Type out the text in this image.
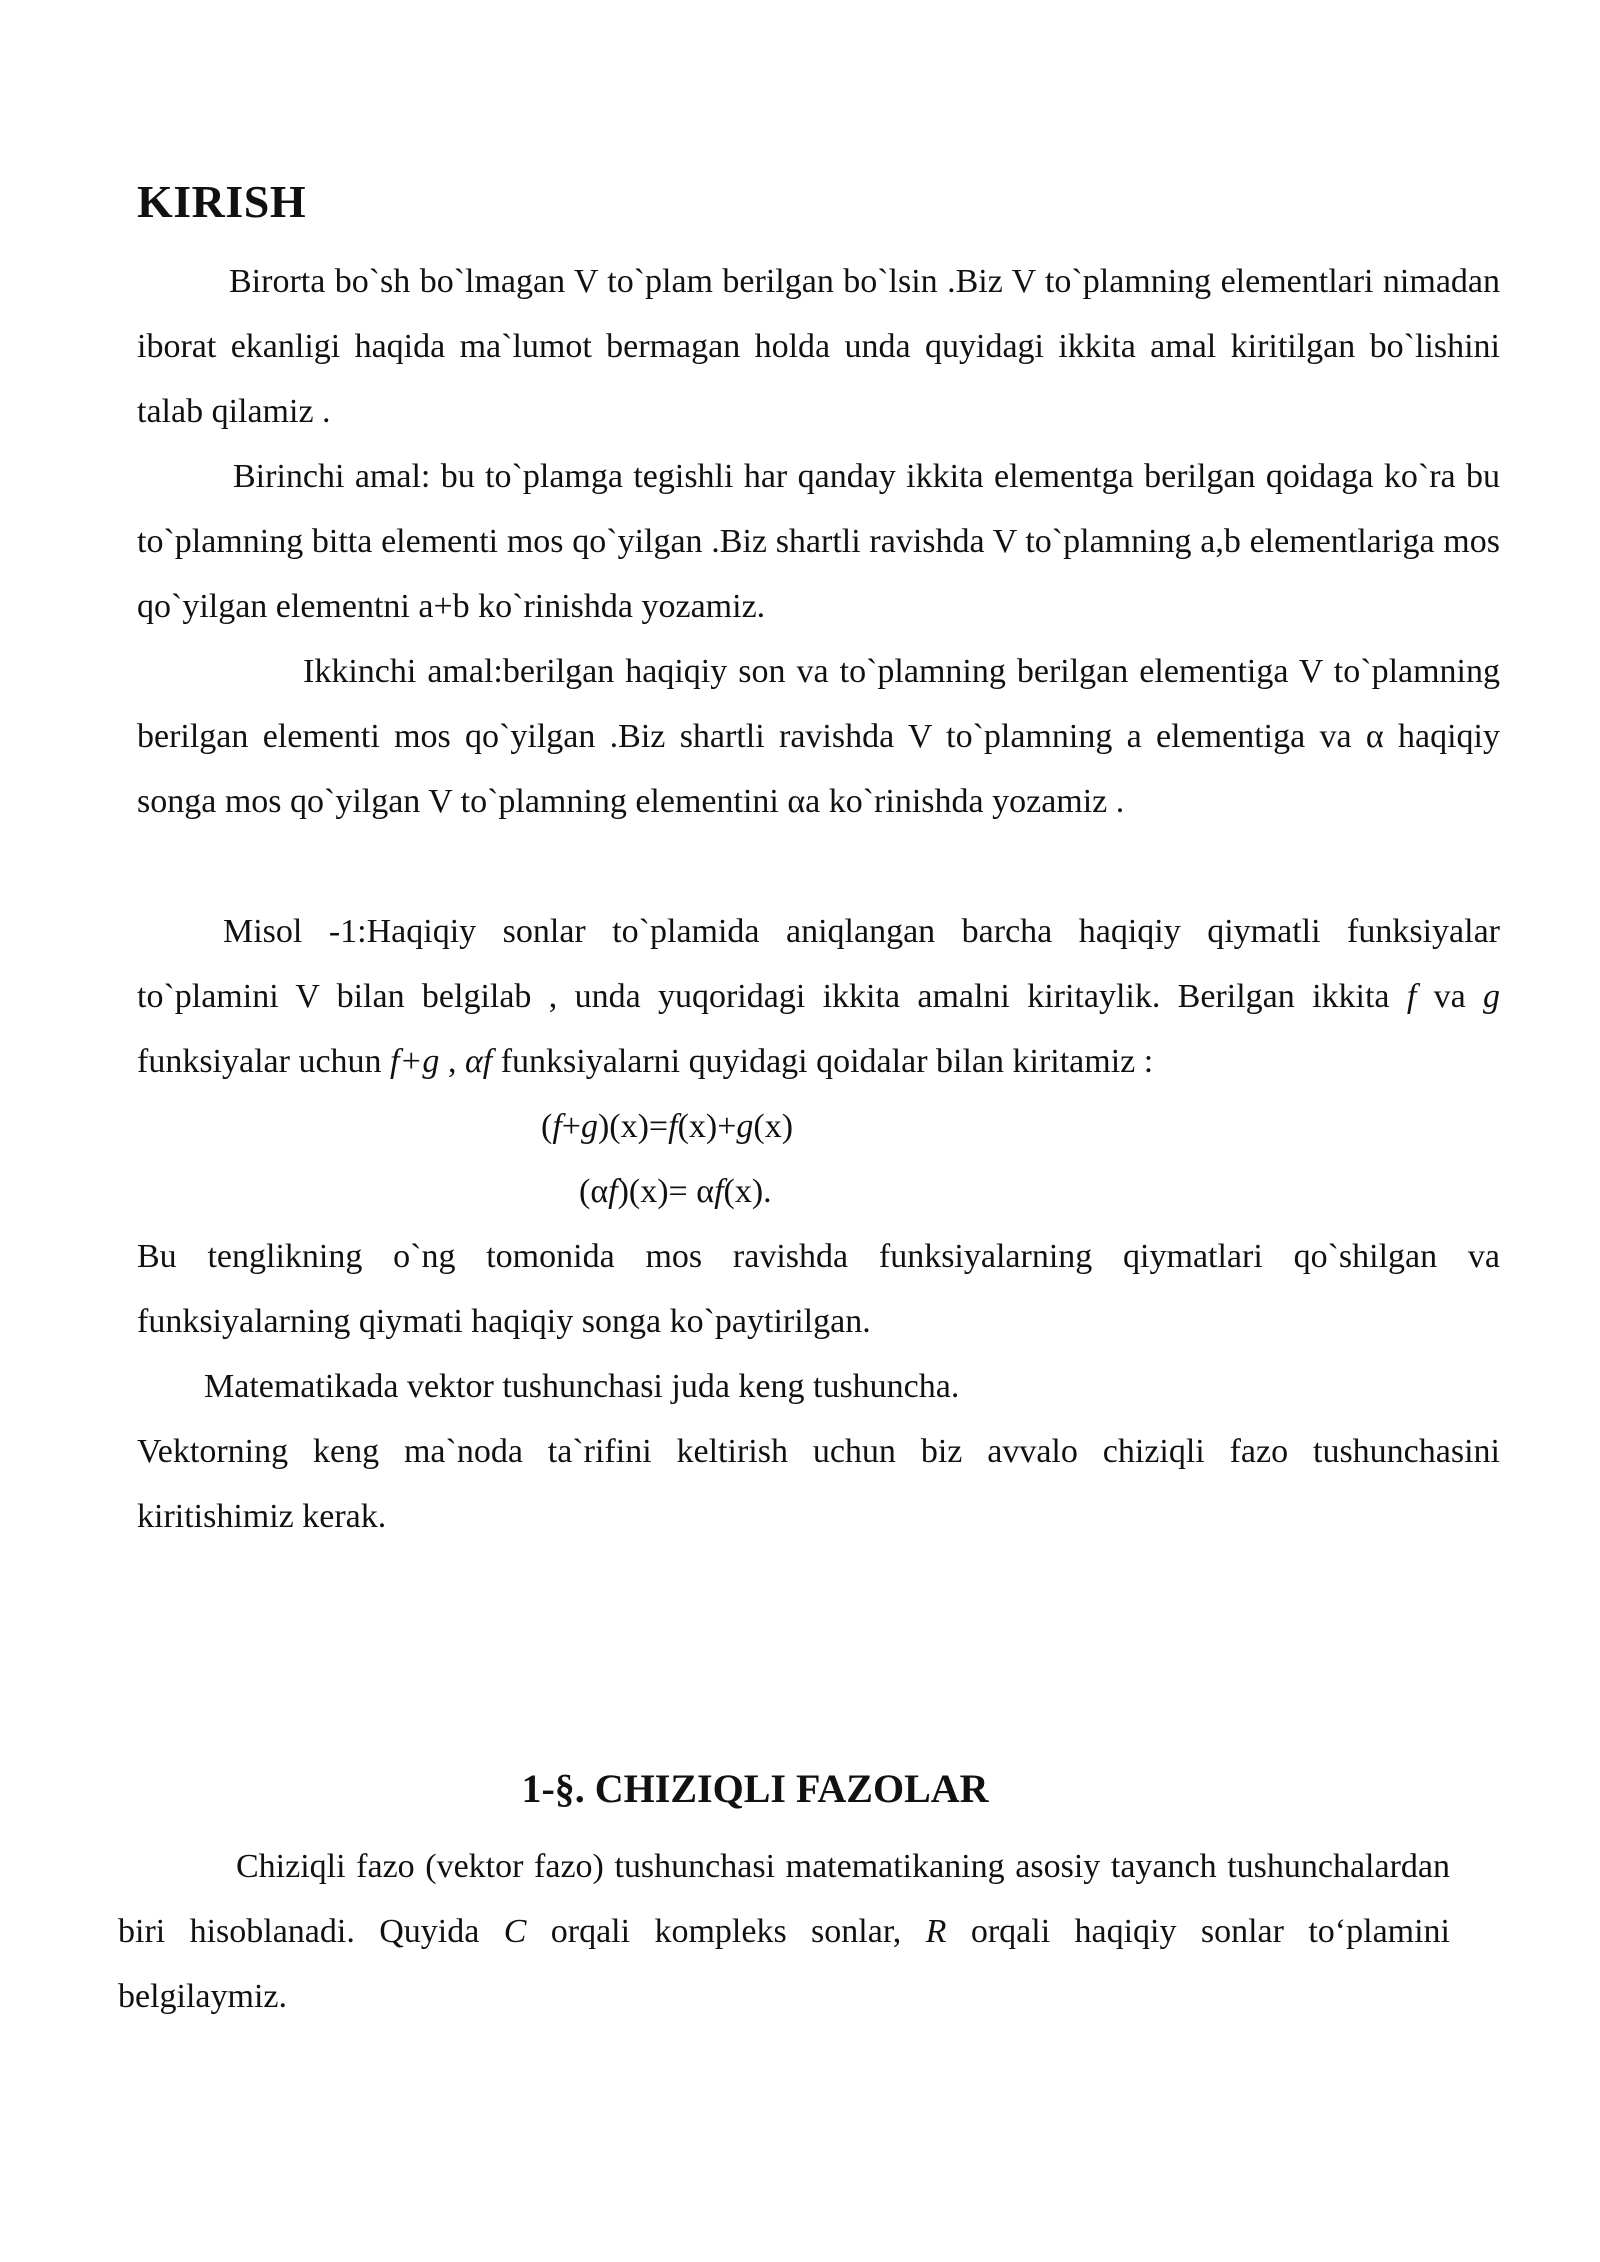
KIRISH

Birorta bo`sh bo`lmagan V to`plam berilgan bo`lsin .Biz V to`plamning elementlari nimadan iborat ekanligi haqida ma`lumot bermagan holda unda quyidagi ikkita amal kiritilgan bo`lishini talab qilamiz .

Birinchi amal: bu to`plamga tegishli har qanday ikkita elementga berilgan qoidaga ko`ra bu to`plamning bitta elementi mos qo`yilgan .Biz shartli ravishda V to`plamning a,b elementlariga mos qo`yilgan elementni a+b ko`rinishda yozamiz.

Ikkinchi amal:berilgan haqiqiy son va to`plamning berilgan elementiga V to`plamning berilgan elementi mos qo`yilgan .Biz shartli ravishda V to`plamning a elementiga va α haqiqiy songa mos qo`yilgan V to`plamning elementini αa ko`rinishda yozamiz .

Misol -1:Haqiqiy sonlar to`plamida aniqlangan barcha haqiqiy qiymatli funksiyalar to`plamini V bilan belgilab , unda yuqoridagi ikkita amalni kiritaylik. Berilgan ikkita f va g funksiyalar uchun f+g , αf funksiyalarni quyidagi qoidalar bilan kiritamiz :

(f+g)(x)=f(x)+g(x)

(αf)(x)= αf(x).

Bu tenglikning o`ng tomonida mos ravishda funksiyalarning qiymatlari qo`shilgan va funksiyalarning qiymati haqiqiy songa ko`paytirilgan.

Matematikada vektor tushunchasi juda keng tushuncha.

Vektorning keng ma`noda ta`rifini keltirish uchun biz avvalo chiziqli fazo tushunchasini kiritishimiz kerak.

1-§. CHIZIQLI FAZOLAR

Chiziqli fazo (vektor fazo) tushunchasi matematikaning asosiy tayanch tushunchalardan biri hisoblanadi. Quyida C orqali kompleks sonlar, R orqali haqiqiy sonlar to‘plamini belgilaymiz.
